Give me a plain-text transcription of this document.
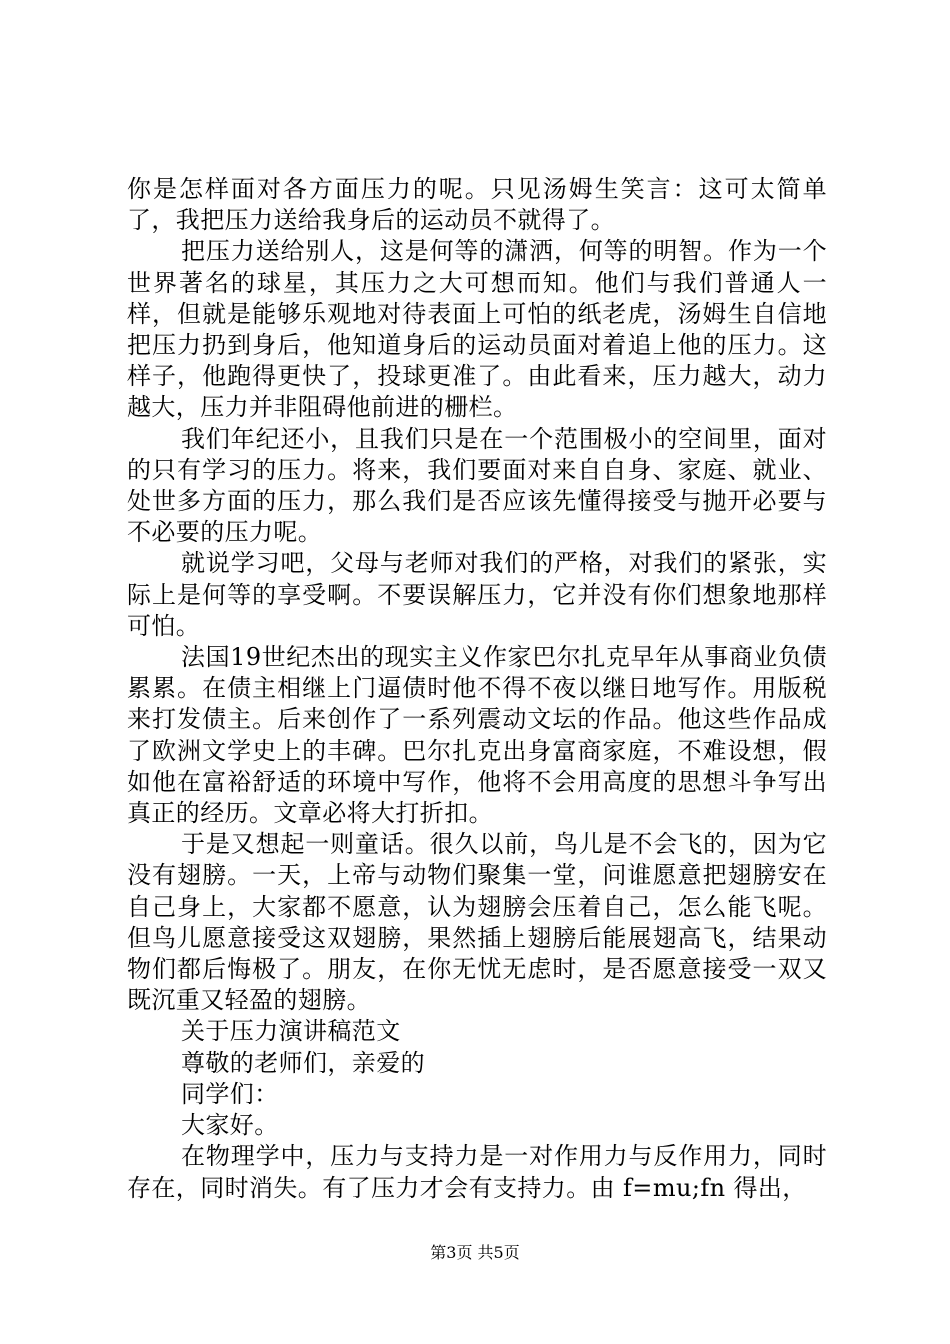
你是怎样面对各方面压力的呢。只见汤姆生笑言：这可太简单了，我把压力送给我身后的运动员不就得了。

把压力送给别人，这是何等的潇洒，何等的明智。作为一个世界著名的球星，其压力之大可想而知。他们与我们普通人一样，但就是能够乐观地对待表面上可怕的纸老虎，汤姆生自信地把压力扔到身后，他知道身后的运动员面对着追上他的压力。这样子，他跑得更快了，投球更准了。由此看来，压力越大，动力越大，压力并非阻碍他前进的栅栏。

我们年纪还小，且我们只是在一个范围极小的空间里，面对的只有学习的压力。将来，我们要面对来自自身、家庭、就业、处世多方面的压力，那么我们是否应该先懂得接受与抛开必要与不必要的压力呢。

就说学习吧，父母与老师对我们的严格，对我们的紧张，实际上是何等的享受啊。不要误解压力，它并没有你们想象地那样可怕。

法国19世纪杰出的现实主义作家巴尔扎克早年从事商业负债累累。在债主相继上门逼债时他不得不夜以继日地写作。用版税来打发债主。后来创作了一系列震动文坛的作品。他这些作品成了欧洲文学史上的丰碑。巴尔扎克出身富商家庭，不难设想，假如他在富裕舒适的环境中写作，他将不会用高度的思想斗争写出真正的经历。文章必将大打折扣。

于是又想起一则童话。很久以前，鸟儿是不会飞的，因为它没有翅膀。一天，上帝与动物们聚集一堂，问谁愿意把翅膀安在自己身上，大家都不愿意，认为翅膀会压着自己，怎么能飞呢。但鸟儿愿意接受这双翅膀，果然插上翅膀后能展翅高飞，结果动物们都后悔极了。朋友，在你无忧无虑时，是否愿意接受一双又既沉重又轻盈的翅膀。

关于压力演讲稿范文

尊敬的老师们，亲爱的

同学们：

大家好。

在物理学中，压力与支持力是一对作用力与反作用力，同时存在，同时消失。有了压力才会有支持力。由 f=mu;fn 得出，

第3页 共5页
